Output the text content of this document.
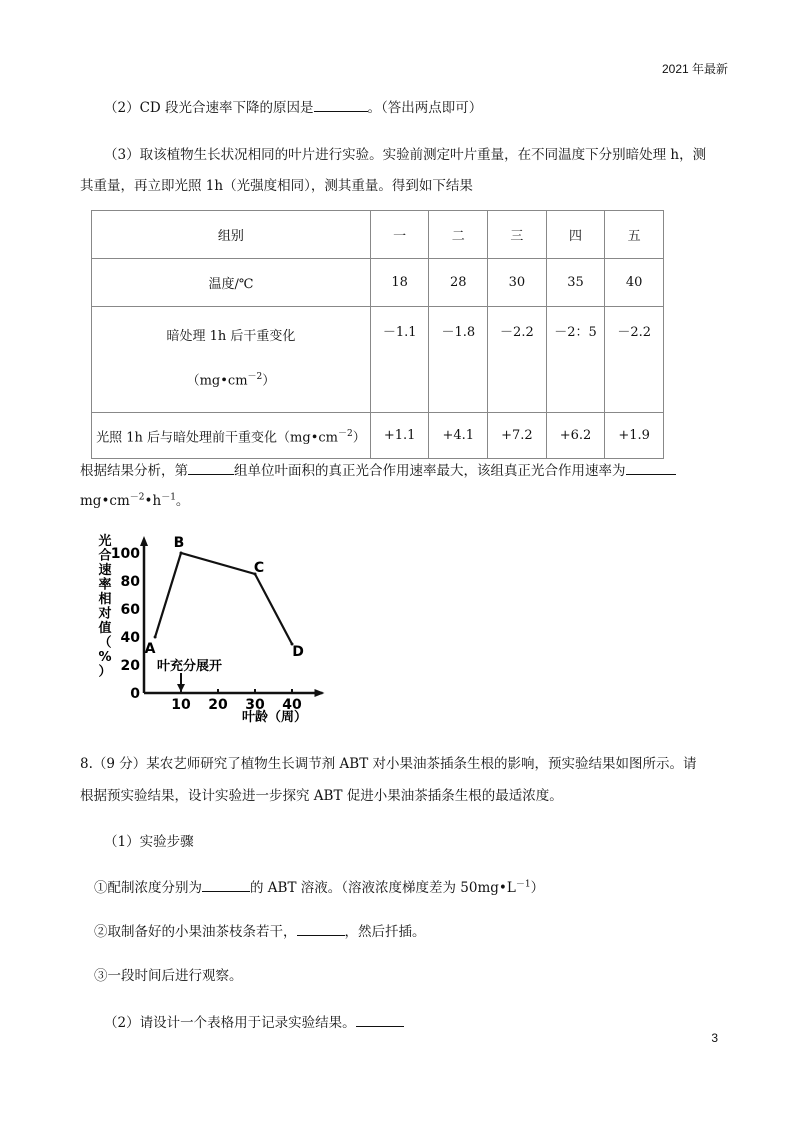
2021 年最新
（2）CD 段光合速率下降的原因是	。（答出两点即可）
（3）取该植物生长状况相同的叶片进行实验。实验前测定叶片重量，在不同温度下分别暗处理 h，测
其重量，再立即光照 1h（光强度相同），测其重量。得到如下结果
组别	一	二	三	四	五
温度/℃	18	28	30	35	40

暗处理 1h 后干重变化
$(mg•cm^{-2})$	－1.1	－1.8	－2.2	－2：5	－2.2
光照 1h 后与暗处理前干重变化$(mg•cm^{-2})$	+1.1	+4.1	+7.2	+6.2	+1.9
根据结果分析，第	组单位叶面积的真正光合作用速率最大，该组真正光合作用速率为
$mg•cm^{-2}•h^{-1}$。
光
合
速
率
相
对
值
（
%
）
0
20
40
60
80
100
10 20 30 40
A
B
C
D
叶充分展开
叶龄（周）
8.（9 分）某农艺师研究了植物生长调节剂 ABT 对小果油茶插条生根的影响，预实验结果如图所示。请
根据预实验结果，设计实验进一步探究 ABT 促进小果油茶插条生根的最适浓度。
（1）实验步骤
①配制浓度分别为	的 ABT 溶液。（溶液浓度梯度差为 $50mg•L^{-1}$）
②取制备好的小果油茶枝条若干，	，然后扦插。
③一段时间后进行观察。
（2）请设计一个表格用于记录实验结果。
3
